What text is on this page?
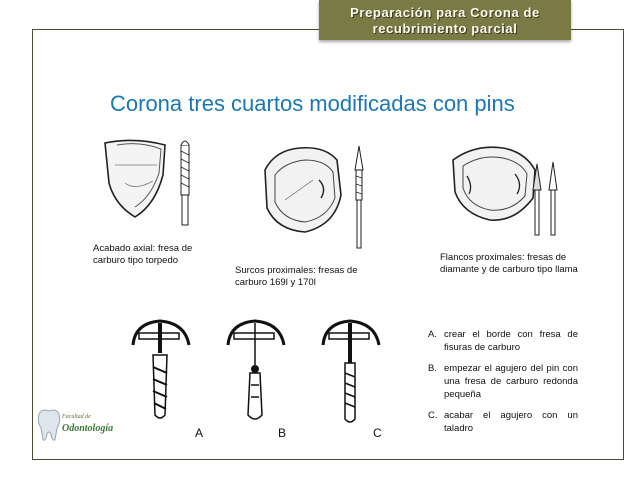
Preparación para Corona de
recubrimiento parcial
Corona tres cuartos modificadas con pins
Acabado axial: fresa de carburo tipo torpedo
Surcos proximales: fresas de carburo 169l y 170l
Flancos proximales: fresas de diamante y de carburo tipo llama
A	B	C
A. crear el borde con fresa de fisuras de carburo
B. empezar el agujero del pin con una fresa de carburo redonda pequeña
C. acabar el agujero con un taladro
Facultad de
Odontología
